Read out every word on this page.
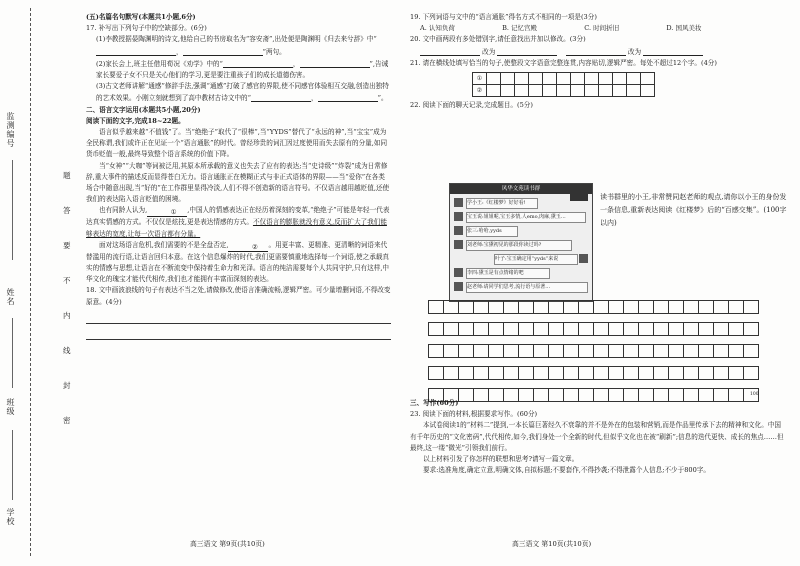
监测编号
姓名
班级
学校
题
答
要
不
内
线
封
密

(五)名篇名句默写(本题共1小题,6分)

17. 补写出下列句子中的空缺部分。(6分)

(1)李教授据晏陶渊明的诗文,他给自己的书房取名为“容安斋”,出处便是陶渊明《归去来兮辞》中“，	”两句。

(2)家长会上,班主任借用荀况《劝学》中的“	，	”,告诫家长要爱子女不只是关心他们的学习,更是要注重孩子们的成长道德伤害。

(3)古文老师讲解“通感”修辞手法,强调“通感”打破了感官的界限,使不同感官体验相互交融,创造出独特的艺术效果。小刚立刻就想到了高中教材古诗文中的“	，	”。

二、语言文字运用(本题共5小题,20分)

阅读下面的文字,完成18~22题。

语言似乎越来越“不值钱”了。当“绝绝子”取代了“很棒”,当“YYDS”替代了“永远的神”,当“宝宝”成为全民称谓,我们或许正在见证一个“语言通胀”的时代。曾经珍贵的词汇因过度使用而失去原有的分量,如同货币贬值一般,最终导致整个语言系统的价值下降。

当“女神”“大咖”等词被泛用,其原本所承载的意义也失去了应有的表达;当“史诗级”“炸裂”成为日常修辞,重大事件的描述反而显得苍白无力。语言通胀正在模糊正式与非正式语体的界限——当“爱你”在各类场合中随意出现,当“好的”在工作群里显得冷淡,人们不得不创造新的语言符号。不仅语言越用越贬值,还使我们的表达陷入语言贬值的困境。

也有同龄人认为,	① ,中国人的情感表达正在经历着深刻的变革,“绝绝子”可能是年轻一代表达真实情感的方式。不仅仅是炫技,更是表达情感的方式。不仅语言的膨胀就没有意义,反而扩大了我们能够表达的宽度,让每一次语言都有分量。

面对这场语言危机,我们需要的不是全盘否定,	② 。用更丰富、更精准、更清晰的词语来代替滥用的流行语,让语言回归本意。在这个信息爆炸的时代,我们更需要慎重地选择每一个词语,使之承载真实的情感与思想,让语言在不断流变中保持着生命力和光泽。语言的纯洁需要每个人共同守护,只有这样,中华文化的瑰宝才能代代相传,我们也才能拥有丰富而深刻的表达。

18. 文中画波浪线的句子有表达不当之处,请做修改,使语言准确流畅,逻辑严密。可少量增删词语,不得改变原意。(4分)

高三语文 第9页(共10页)

19. 下列词语与文中的“语言通胀”得名方式不相同的一项是(3分)

A. 认知负荷	B. 记忆宫殿	C. 时间折旧	D. 国风美妆

20. 文中画两段有多处错别字,请任意找出并加以修改。(3分)

改为	改为

21. 请在横线处填写恰当的句子,使整段文字语意完整连贯,内容贴切,逻辑严密。每处不超过12个字。(4分)

①												
②												

22. 阅读下面的聊天记录,完成题目。(5分)

风华文苑读书群
学小王:《红楼梦》好好看!
宝玉说:姐姐呢,宝玉多情,人emo,肉麻,黛玉…
张三:哈哈,yyds
刘老师:宝黛初见的那段你读过吗?
叶子:宝玉确定用“yyds”来说
李四:黛玉是有点情绪的吧
赵老师:请同学们思考,流行语与原著...
读书群里的小王,非常赞同赵老师的观点,请你以小王的身份发一条信息,重新表达阅读《红楼梦》后的“百感交集”。(100字以内)

100

三、写作(60分)

23. 阅读下面的材料,根据要求写作。(60分)

本试卷阅读1的“材料二”提到,一本长篇巨著经久不衰靠的并不是外在的包装和营销,而是作品里传承下去的精神和文化。中国有千年历史的“文化密码”,代代相传,如今,我们身处一个全新的时代,但似乎文化也在被“刷新”;信息的迭代更快、成长的焦点……但最终,这一缕“微光”引领我们前行。

以上材料引发了你怎样的联想和思考?请写一篇文章。

要求:选准角度,确定立意,明确文体,自拟标题;不要套作,不得抄袭;不得泄露个人信息;不少于800字。

高三语文 第10页(共10页)
